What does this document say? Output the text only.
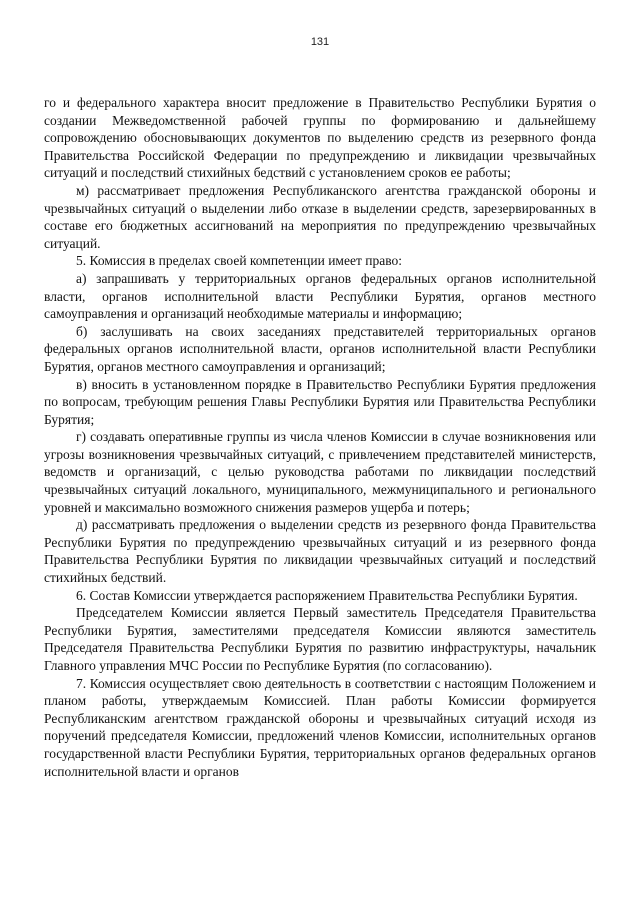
131

го и федерального характера вносит предложение в Правительство Республики Бурятия о создании Межведомственной рабочей группы по формированию и дальнейшему сопровождению обосновывающих документов по выделению средств из резервного фонда Правительства Российской Федерации по предупреждению и ликвидации чрезвычайных ситуаций и последствий стихийных бедствий с установлением сроков ее работы;

м) рассматривает предложения Республиканского агентства гражданской обороны и чрезвычайных ситуаций о выделении либо отказе в выделении средств, зарезервированных в составе его бюджетных ассигнований на мероприятия по предупреждению чрезвычайных ситуаций.

5. Комиссия в пределах своей компетенции имеет право:

а) запрашивать у территориальных органов федеральных органов исполнительной власти, органов исполнительной власти Республики Бурятия, органов местного самоуправления и организаций необходимые материалы и информацию;

б) заслушивать на своих заседаниях представителей территориальных органов федеральных органов исполнительной власти, органов исполнительной власти Республики Бурятия, органов местного самоуправления и организаций;

в) вносить в установленном порядке в Правительство Республики Бурятия предложения по вопросам, требующим решения Главы Республики Бурятия или Правительства Республики Бурятия;

г) создавать оперативные группы из числа членов Комиссии в случае возникновения или угрозы возникновения чрезвычайных ситуаций, с привлечением представителей министерств, ведомств и организаций, с целью руководства работами по ликвидации последствий чрезвычайных ситуаций локального, муниципального, межмуниципального и регионального уровней и максимально возможного снижения размеров ущерба и потерь;

д) рассматривать предложения о выделении средств из резервного фонда Правительства Республики Бурятия по предупреждению чрезвычайных ситуаций и из резервного фонда Правительства Республики Бурятия по ликвидации чрезвычайных ситуаций и последствий стихийных бедствий.

6. Состав Комиссии утверждается распоряжением Правительства Республики Бурятия.

Председателем Комиссии является Первый заместитель Председателя Правительства Республики Бурятия, заместителями председателя Комиссии являются заместитель Председателя Правительства Республики Бурятия по развитию инфраструктуры, начальник Главного управления МЧС России по Республике Бурятия (по согласованию).

7. Комиссия осуществляет свою деятельность в соответствии с настоящим Положением и планом работы, утверждаемым Комиссией. План работы Комиссии формируется Республиканским агентством гражданской обороны и чрезвычайных ситуаций исходя из поручений председателя Комиссии, предложений членов Комиссии, исполнительных органов государственной власти Республики Бурятия, территориальных органов федеральных органов исполнительной власти и органов
